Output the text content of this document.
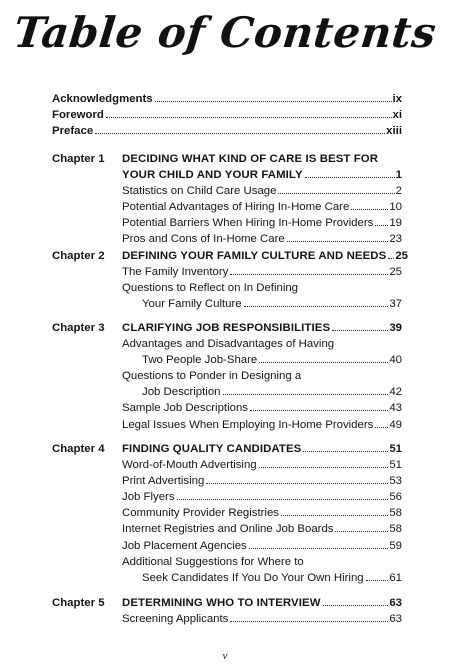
Table of Contents
Acknowledgments	ix
Foreword	xi
Preface	xiii
Chapter 1	DECIDING WHAT KIND OF CARE IS BEST FOR
YOUR CHILD AND YOUR FAMILY	1
Statistics on Child Care Usage	2
Potential Advantages of Hiring In-Home Care	10
Potential Barriers When Hiring In-Home Providers 19
Pros and Cons of In-Home Care	23
Chapter 2	DEFINING YOUR FAMILY CULTURE AND NEEDS 25
The Family Inventory	25
Questions to Reflect on In Defining
Your Family Culture	37
Chapter 3	CLARIFYING JOB RESPONSIBILITIES	39
Advantages and Disadvantages of Having
Two People Job-Share	40
Questions to Ponder in Designing a
Job Description	42
Sample Job Descriptions	43
Legal Issues When Employing In-Home Providers 49
Chapter 4	FINDING QUALITY CANDIDATES	51
Word-of-Mouth Advertising	51
Print Advertising	53
Job Flyers	56
Community Provider Registries	58
Internet Registries and Online Job Boards	58
Job Placement Agencies	59
Additional Suggestions for Where to
Seek Candidates If You Do Your Own Hiring 61
Chapter 5	DETERMINING WHO TO INTERVIEW	63
Screening Applicants	63
v
